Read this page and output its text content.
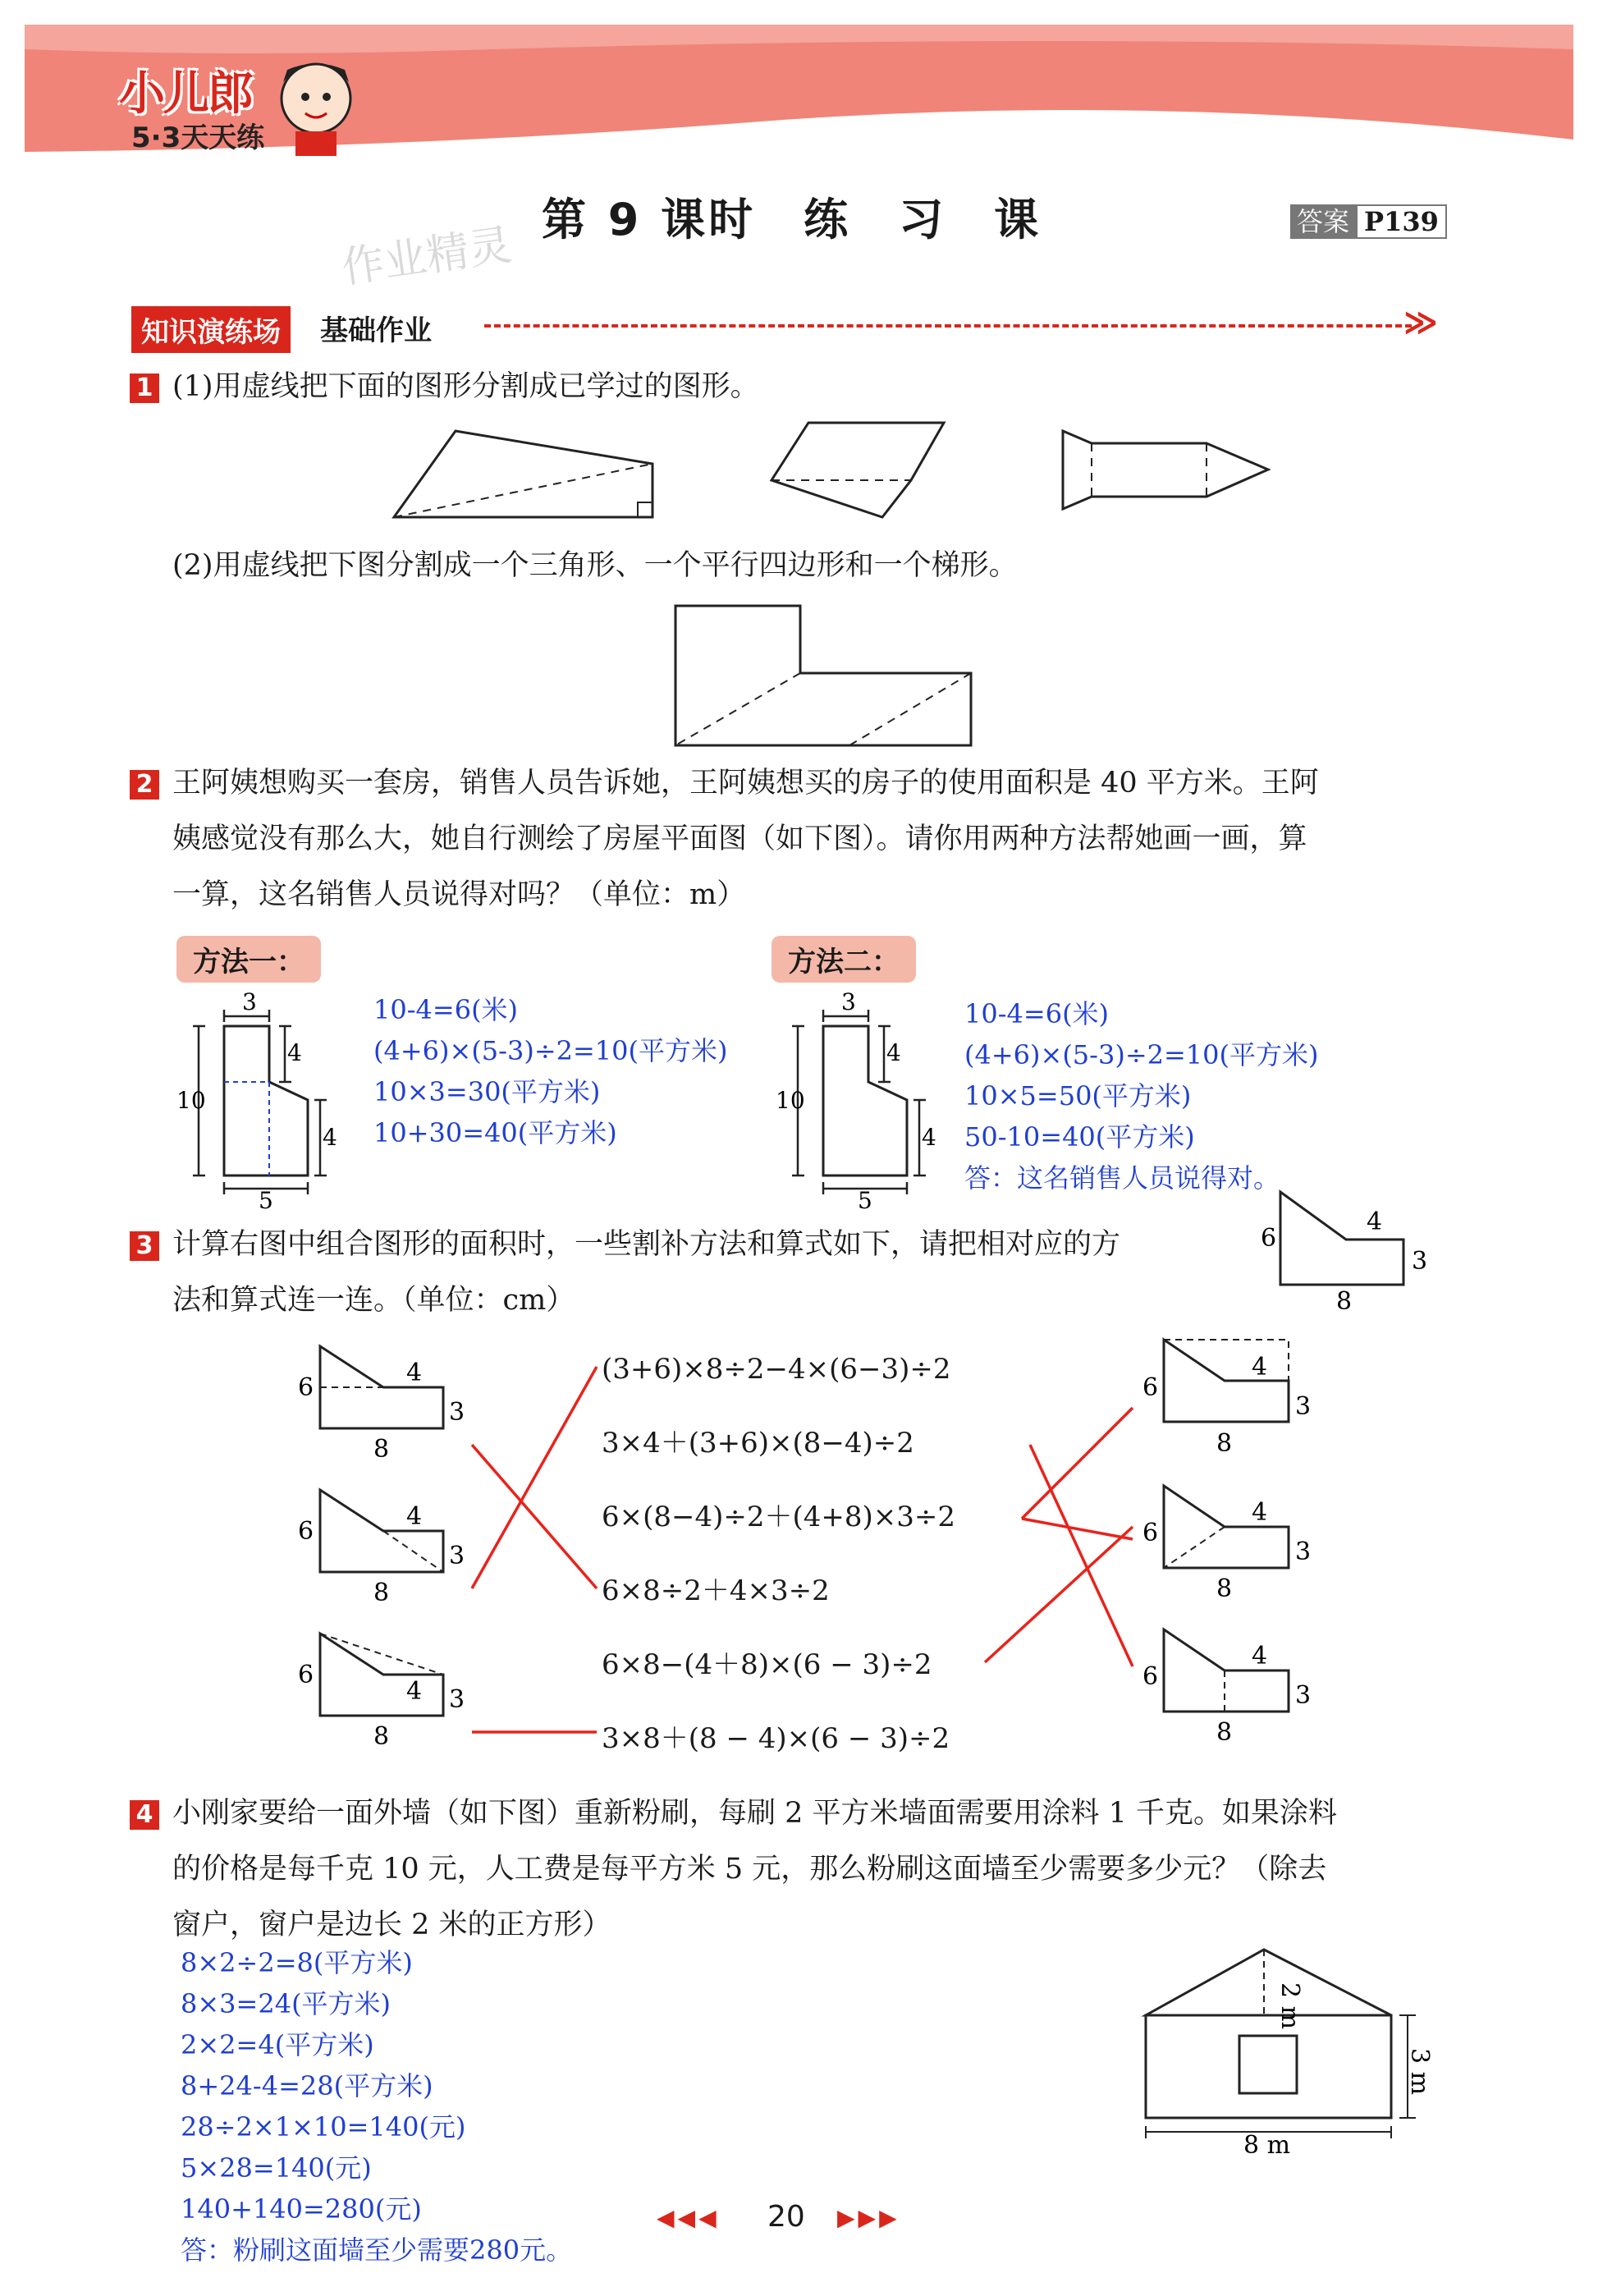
小儿郎
5·3天天练
第 9 课时　练　习　课	答案 P139
作业精灵
知识演练场	基础作业	≫
1 (1)用虚线把下面的图形分割成已学过的图形。
(2)用虚线把下图分割成一个三角形、一个平行四边形和一个梯形。
2 王阿姨想购买一套房，销售人员告诉她，王阿姨想买的房子的使用面积是 40 平方米。王阿
姨感觉没有那么大，她自行测绘了房屋平面图（如下图）。请你用两种方法帮她画一画，算
一算，这名销售人员说得对吗？（单位：m）
方法一：	方法二：
3
4
4
10
5
10-4=6(米)
(4+6)×(5-3)÷2=10(平方米)
10×3=30(平方米)
10+30=40(平方米)
3
4
4
10
5
10-4=6(米)
(4+6)×(5-3)÷2=10(平方米)
10×5=50(平方米)
50-10=40(平方米)
答：这名销售人员说得对。
3 计算右图中组合图形的面积时，一些割补方法和算式如下，请把相对应的方
法和算式连一连。（单位：cm）
6
4
3
8
6
4
3
8
6
4
3
8
6
4 3
8
(3+6)×8÷2−4×(6−3)÷2
3×4＋(3+6)×(8−4)÷2
6×(8−4)÷2＋(4+8)×3÷2
6×8÷2＋4×3÷2
6×8−(4＋8)×(6 − 3)÷2
3×8＋(8 − 4)×(6 − 3)÷2
6
4
3
8
6
4
3
8
6
4
3
8
4 小刚家要给一面外墙（如下图）重新粉刷，每刷 2 平方米墙面需要用涂料 1 千克。如果涂料
的价格是每千克 10 元，人工费是每平方米 5 元，那么粉刷这面墙至少需要多少元？（除去
窗户，窗户是边长 2 米的正方形）
8×2÷2=8(平方米)
8×3=24(平方米)
2×2=4(平方米)
8+24-4=28(平方米)
28÷2×1×10=140(元)
5×28=140(元)
140+140=280(元)
答：粉刷这面墙至少需要280元。
2 m
3 m
8 m
◀◀◀ 20 ▶▶▶
